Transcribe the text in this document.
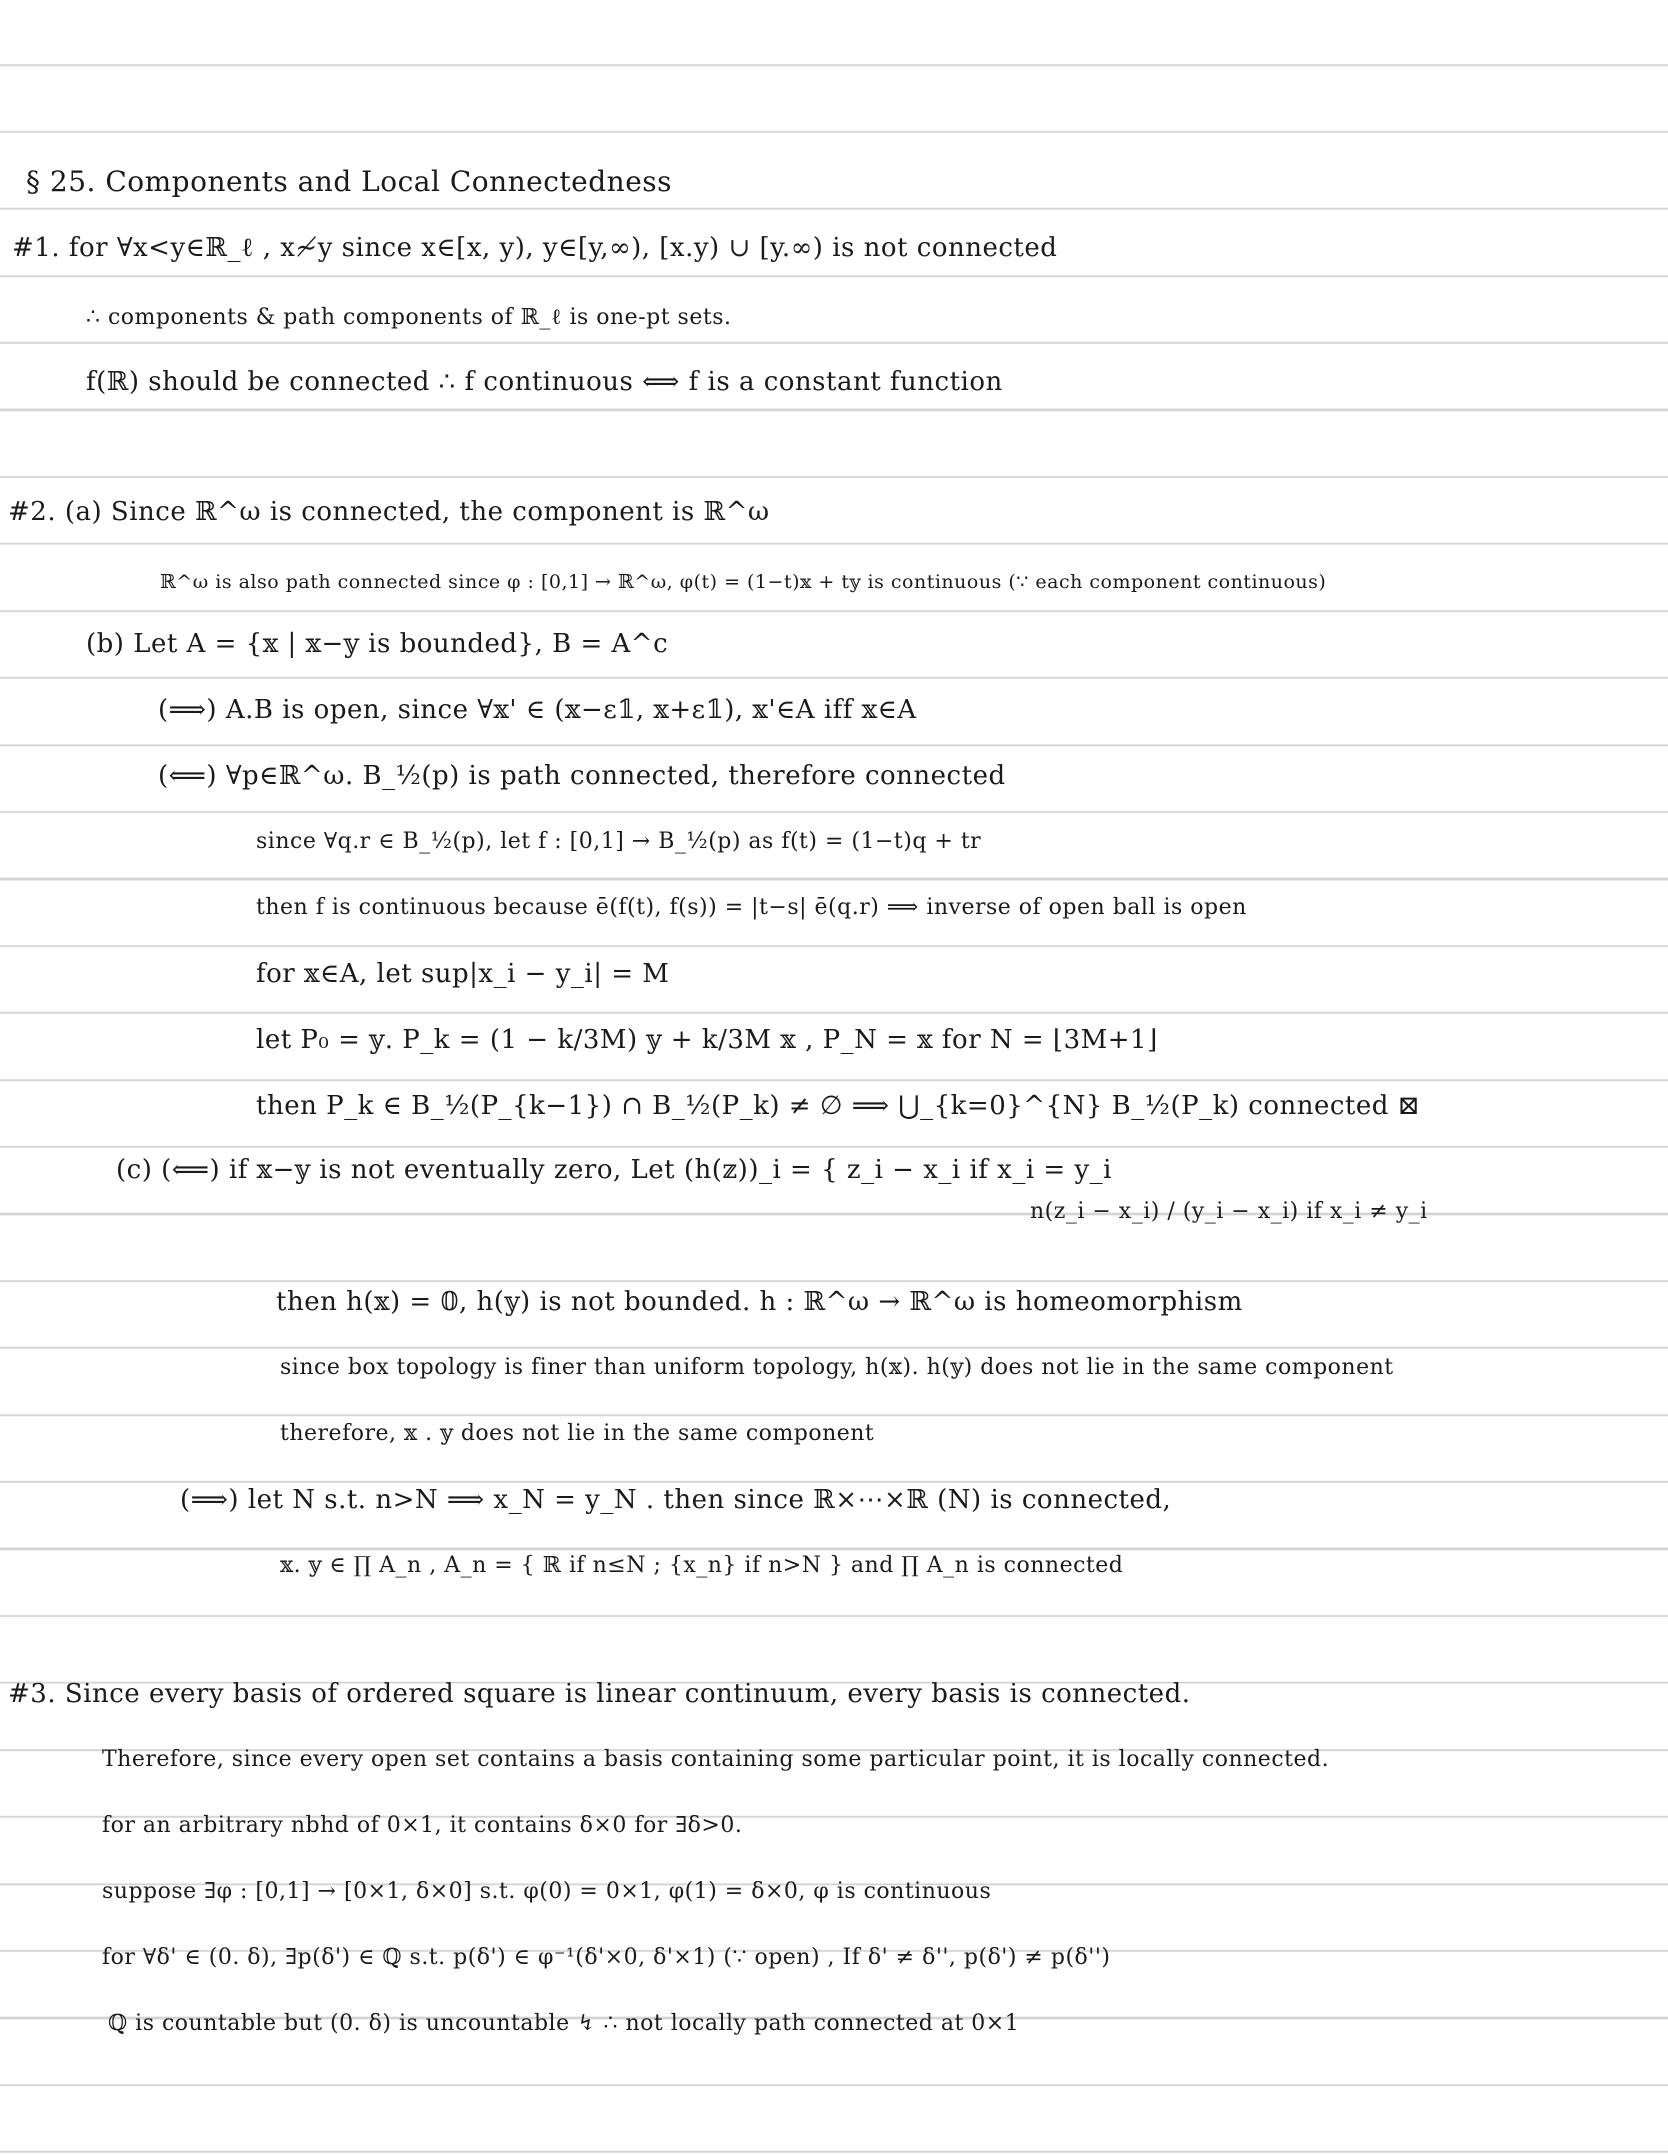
§ 25. Components and Local Connectedness
#1. for ∀x<y∈ℝ_ℓ , x≁y since x∈[x, y), y∈[y,∞), [x.y) ∪ [y.∞) is not connected
∴ components & path components of ℝ_ℓ is one-pt sets.
f(ℝ) should be connected ∴ f continuous ⟺ f is a constant function
#2. (a) Since ℝ^ω is connected, the component is ℝ^ω
ℝ^ω is also path connected since φ : [0,1] → ℝ^ω, φ(t) = (1−t)𝕩 + t𝕪 is continuous (∵ each component continuous)
(b) Let A = {𝕩 | 𝕩−𝕪 is bounded}, B = A^c
(⟹) A.B is open, since ∀𝕩' ∈ (𝕩−ε𝟙, 𝕩+ε𝟙), 𝕩'∈A iff 𝕩∈A
(⟸) ∀p∈ℝ^ω. B_½(p) is path connected, therefore connected
since ∀q.r ∈ B_½(p), let f : [0,1] → B_½(p) as f(t) = (1−t)q + tr
then f is continuous because ē(f(t), f(s)) = |t−s| ē(q.r) ⟹ inverse of open ball is open
for 𝕩∈A, let sup|x_i − y_i| = M
let P₀ = 𝕪. P_k = (1 − k/3M) 𝕪 + k/3M 𝕩 , P_N = 𝕩 for N = ⌊3M+1⌋
then P_k ∈ B_½(P_{k−1}) ∩ B_½(P_k) ≠ ∅ ⟹ ⋃_{k=0}^{N} B_½(P_k) connected ⊠
(c) (⟸) if 𝕩−𝕪 is not eventually zero, Let (h(𝕫))_i = { z_i − x_i if x_i = y_i
n(z_i − x_i) / (y_i − x_i) if x_i ≠ y_i
then h(𝕩) = 𝟘, h(𝕪) is not bounded. h : ℝ^ω → ℝ^ω is homeomorphism
since box topology is finer than uniform topology, h(𝕩). h(𝕪) does not lie in the same component
therefore, 𝕩 . 𝕪 does not lie in the same component
(⟹) let N s.t. n>N ⟹ x_N = y_N . then since ℝ×⋯×ℝ (N) is connected,
𝕩. 𝕪 ∈ ∏ A_n , A_n = { ℝ if n≤N ; {x_n} if n>N } and ∏ A_n is connected
#3. Since every basis of ordered square is linear continuum, every basis is connected.
Therefore, since every open set contains a basis containing some particular point, it is locally connected.
for an arbitrary nbhd of 0×1, it contains δ×0 for ∃δ>0.
suppose ∃φ : [0,1] → [0×1, δ×0] s.t. φ(0) = 0×1, φ(1) = δ×0, φ is continuous
for ∀δ' ∈ (0. δ), ∃p(δ') ∈ ℚ s.t. p(δ') ∈ φ⁻¹(δ'×0, δ'×1) (∵ open) , If δ' ≠ δ'', p(δ') ≠ p(δ'')
ℚ is countable but (0. δ) is uncountable ↯ ∴ not locally path connected at 0×1
